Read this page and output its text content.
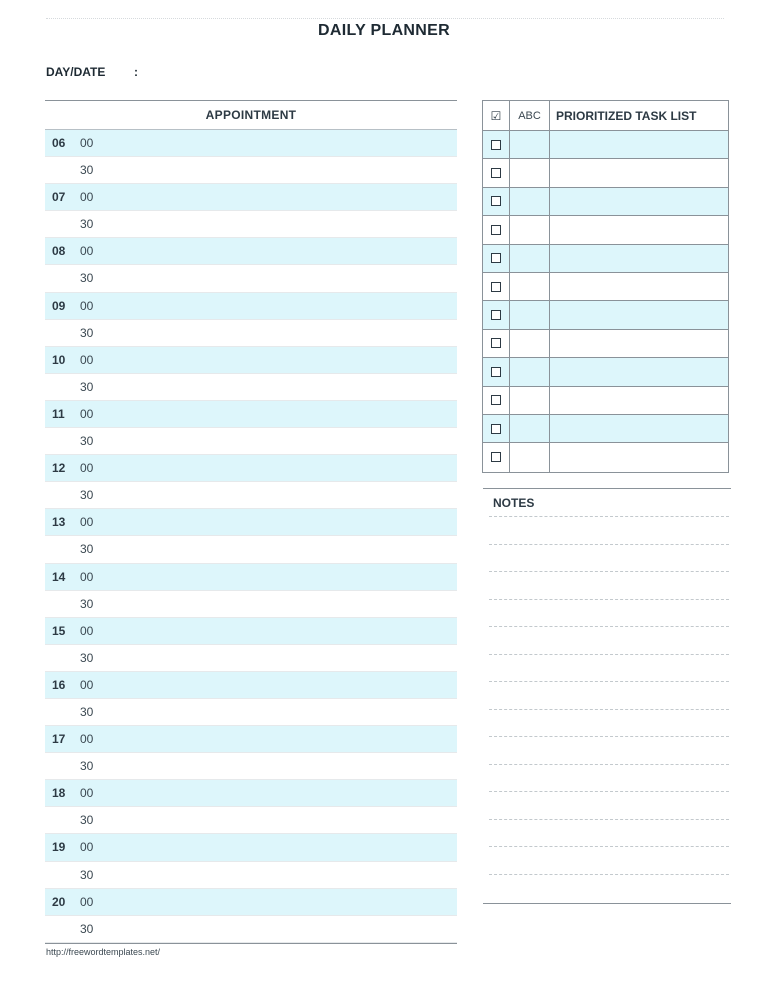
DAILY PLANNER
DAY/DATE :
APPOINTMENT
06 00
30
07 00
30
08 00
30
09 00
30
10 00
30
11 00
30
12 00
30
13 00
30
14 00
30
15 00
30
16 00
30
17 00
30
18 00
30
19 00
30
20 00
30
http://freewordtemplates.net/
☑	ABC	PRIORITIZED TASK LIST
NOTES
